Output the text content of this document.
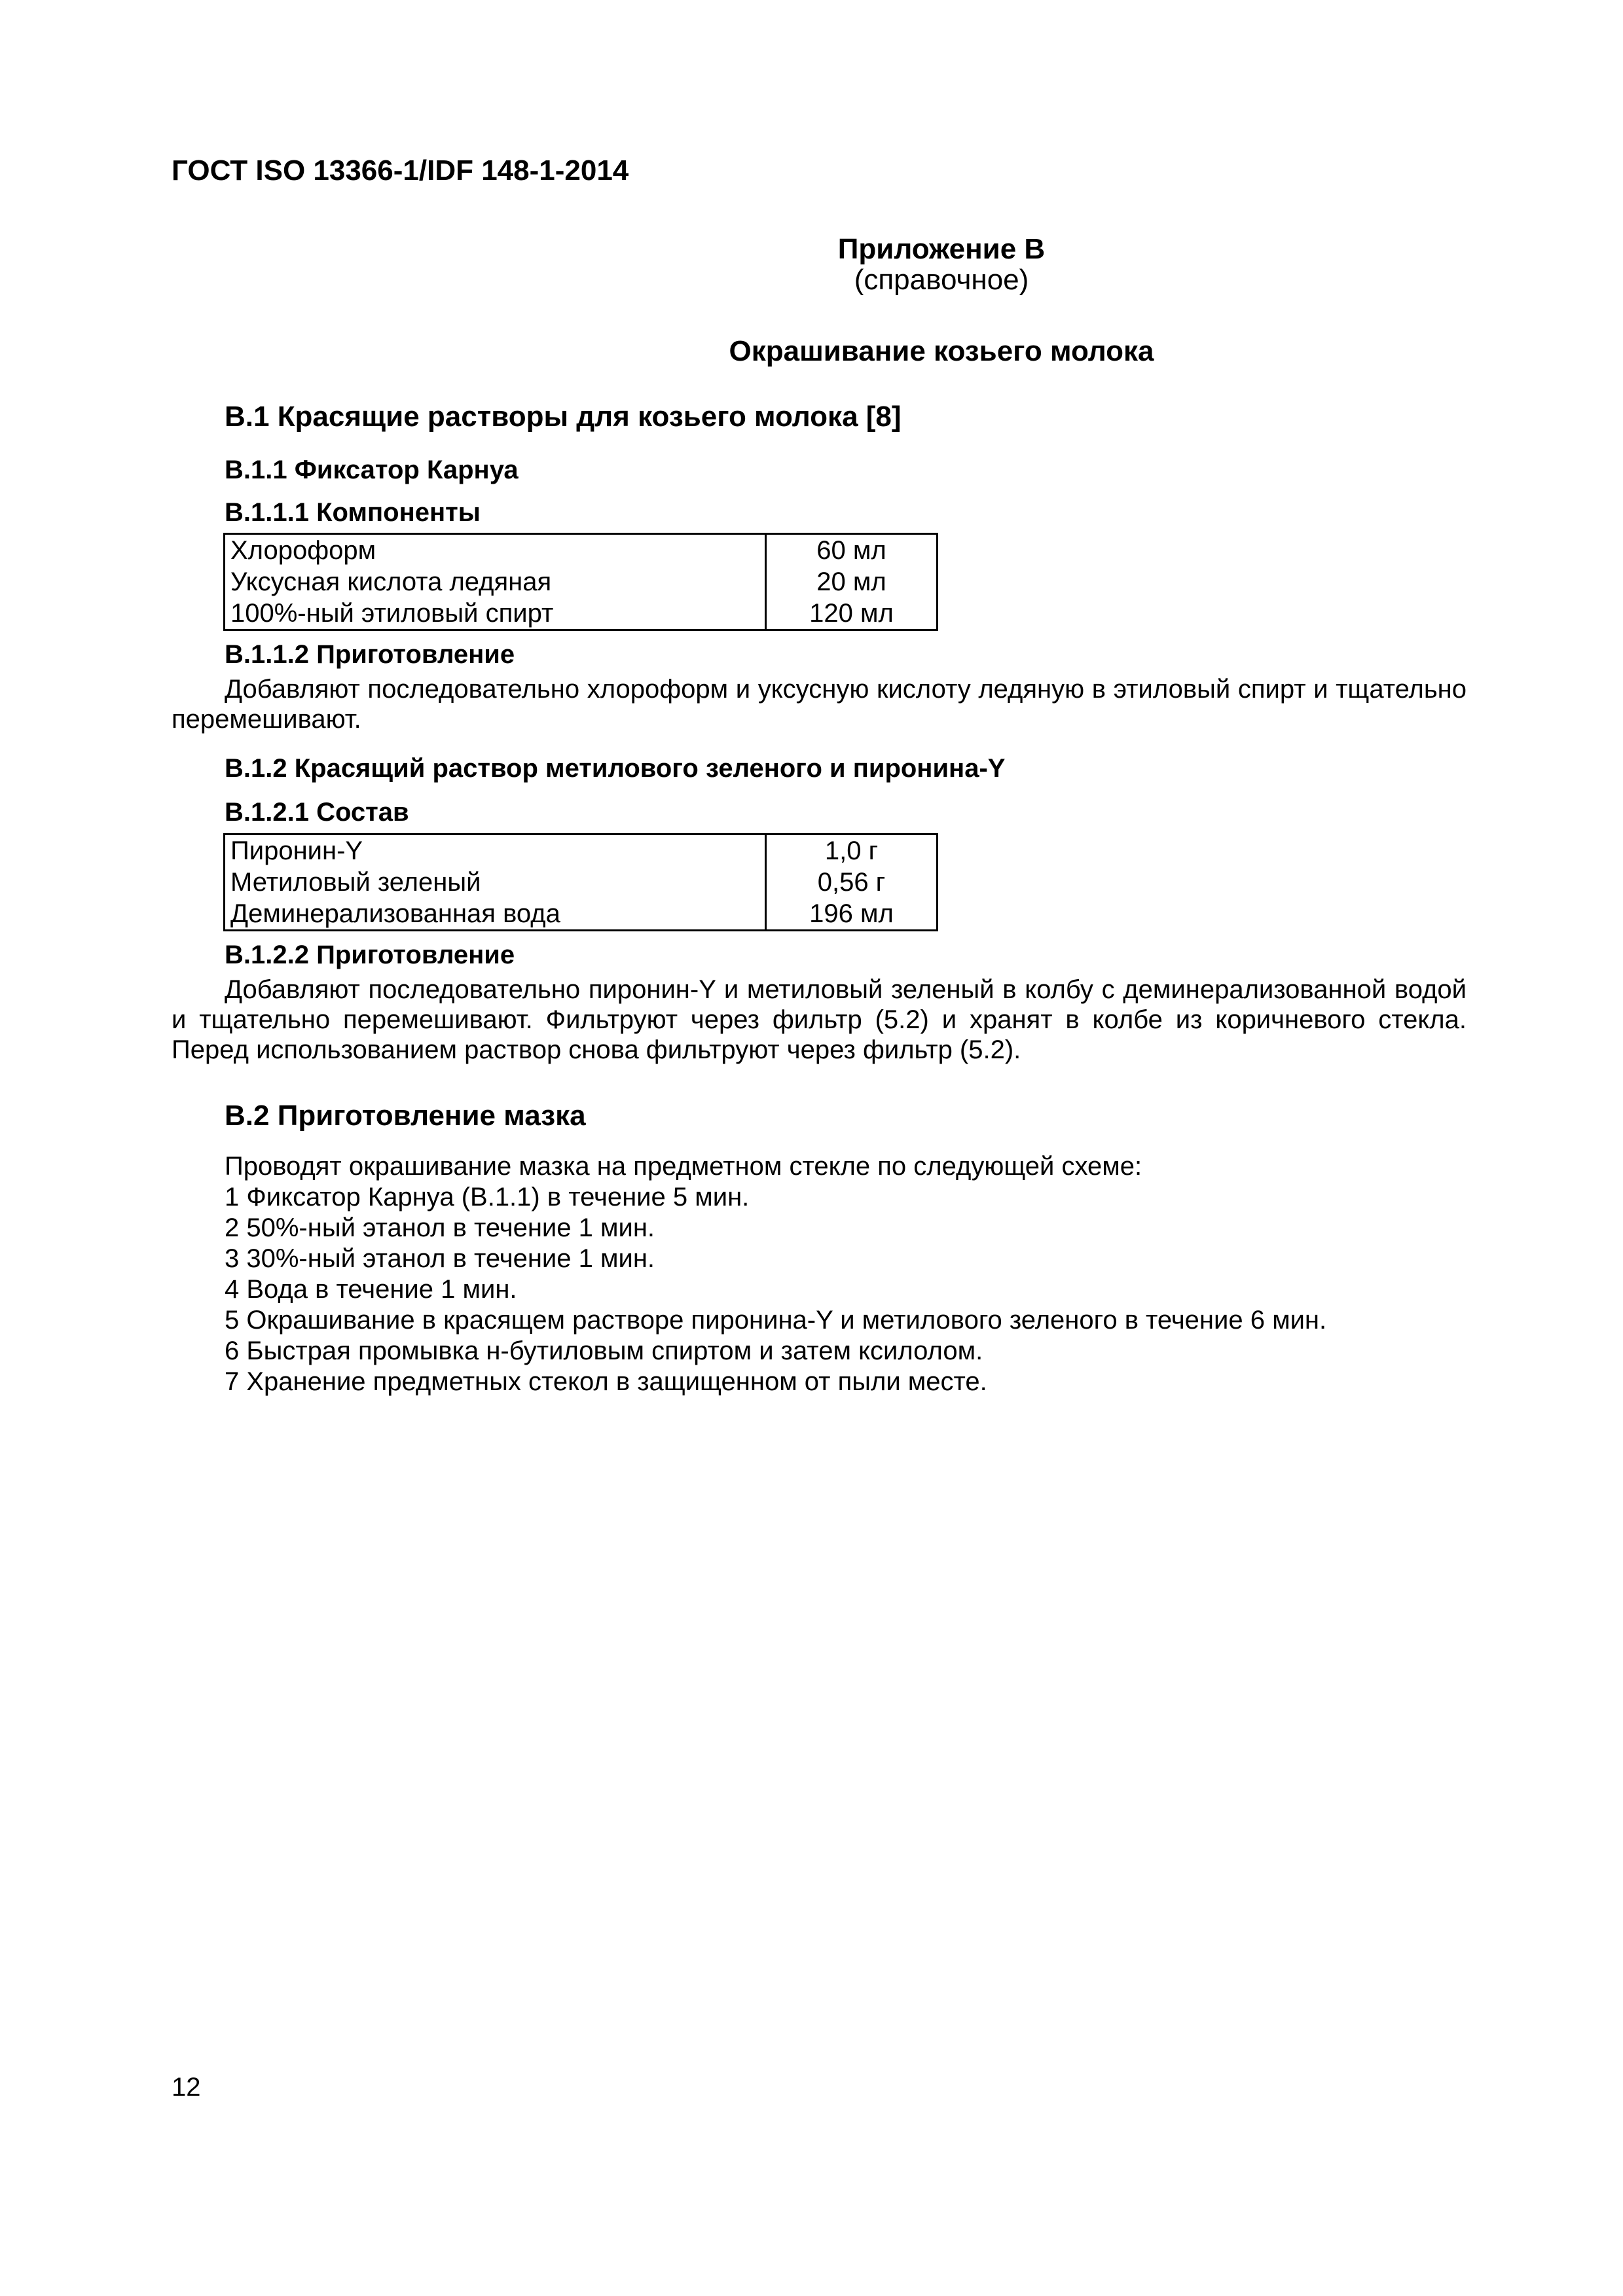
ГОСТ ISO 13366-1/IDF 148-1-2014
Приложение В
(справочное)
Окрашивание козьего молока
В.1 Красящие растворы для козьего молока [8]
В.1.1 Фиксатор Карнуа
В.1.1.1 Компоненты
Хлороформ	60 мл
Уксусная кислота ледяная	20 мл
100%-ный этиловый спирт	120 мл
В.1.1.2 Приготовление
Добавляют последовательно хлороформ и уксусную кислоту ледяную в этиловый спирт и тщательно перемешивают.
В.1.2 Красящий раствор метилового зеленого и пиронина-Y
В.1.2.1 Состав
Пиронин-Y	1,0 г
Метиловый зеленый	0,56 г
Деминерализованная вода	196 мл
В.1.2.2 Приготовление
Добавляют последовательно пиронин-Y и метиловый зеленый в колбу с деминерализованной водой и тщательно перемешивают. Фильтруют через фильтр (5.2) и хранят в колбе из коричневого стекла. Перед использованием раствор снова фильтруют через фильтр (5.2).
В.2 Приготовление мазка
Проводят окрашивание мазка на предметном стекле по следующей схеме:
1 Фиксатор Карнуа (В.1.1) в течение 5 мин.
2 50%-ный этанол в течение 1 мин.
3 30%-ный этанол в течение 1 мин.
4 Вода в течение 1 мин.
5 Окрашивание в красящем растворе пиронина-Y и метилового зеленого в течение 6 мин.
6 Быстрая промывка н-бутиловым спиртом и затем ксилолом.
7 Хранение предметных стекол в защищенном от пыли месте.
12
